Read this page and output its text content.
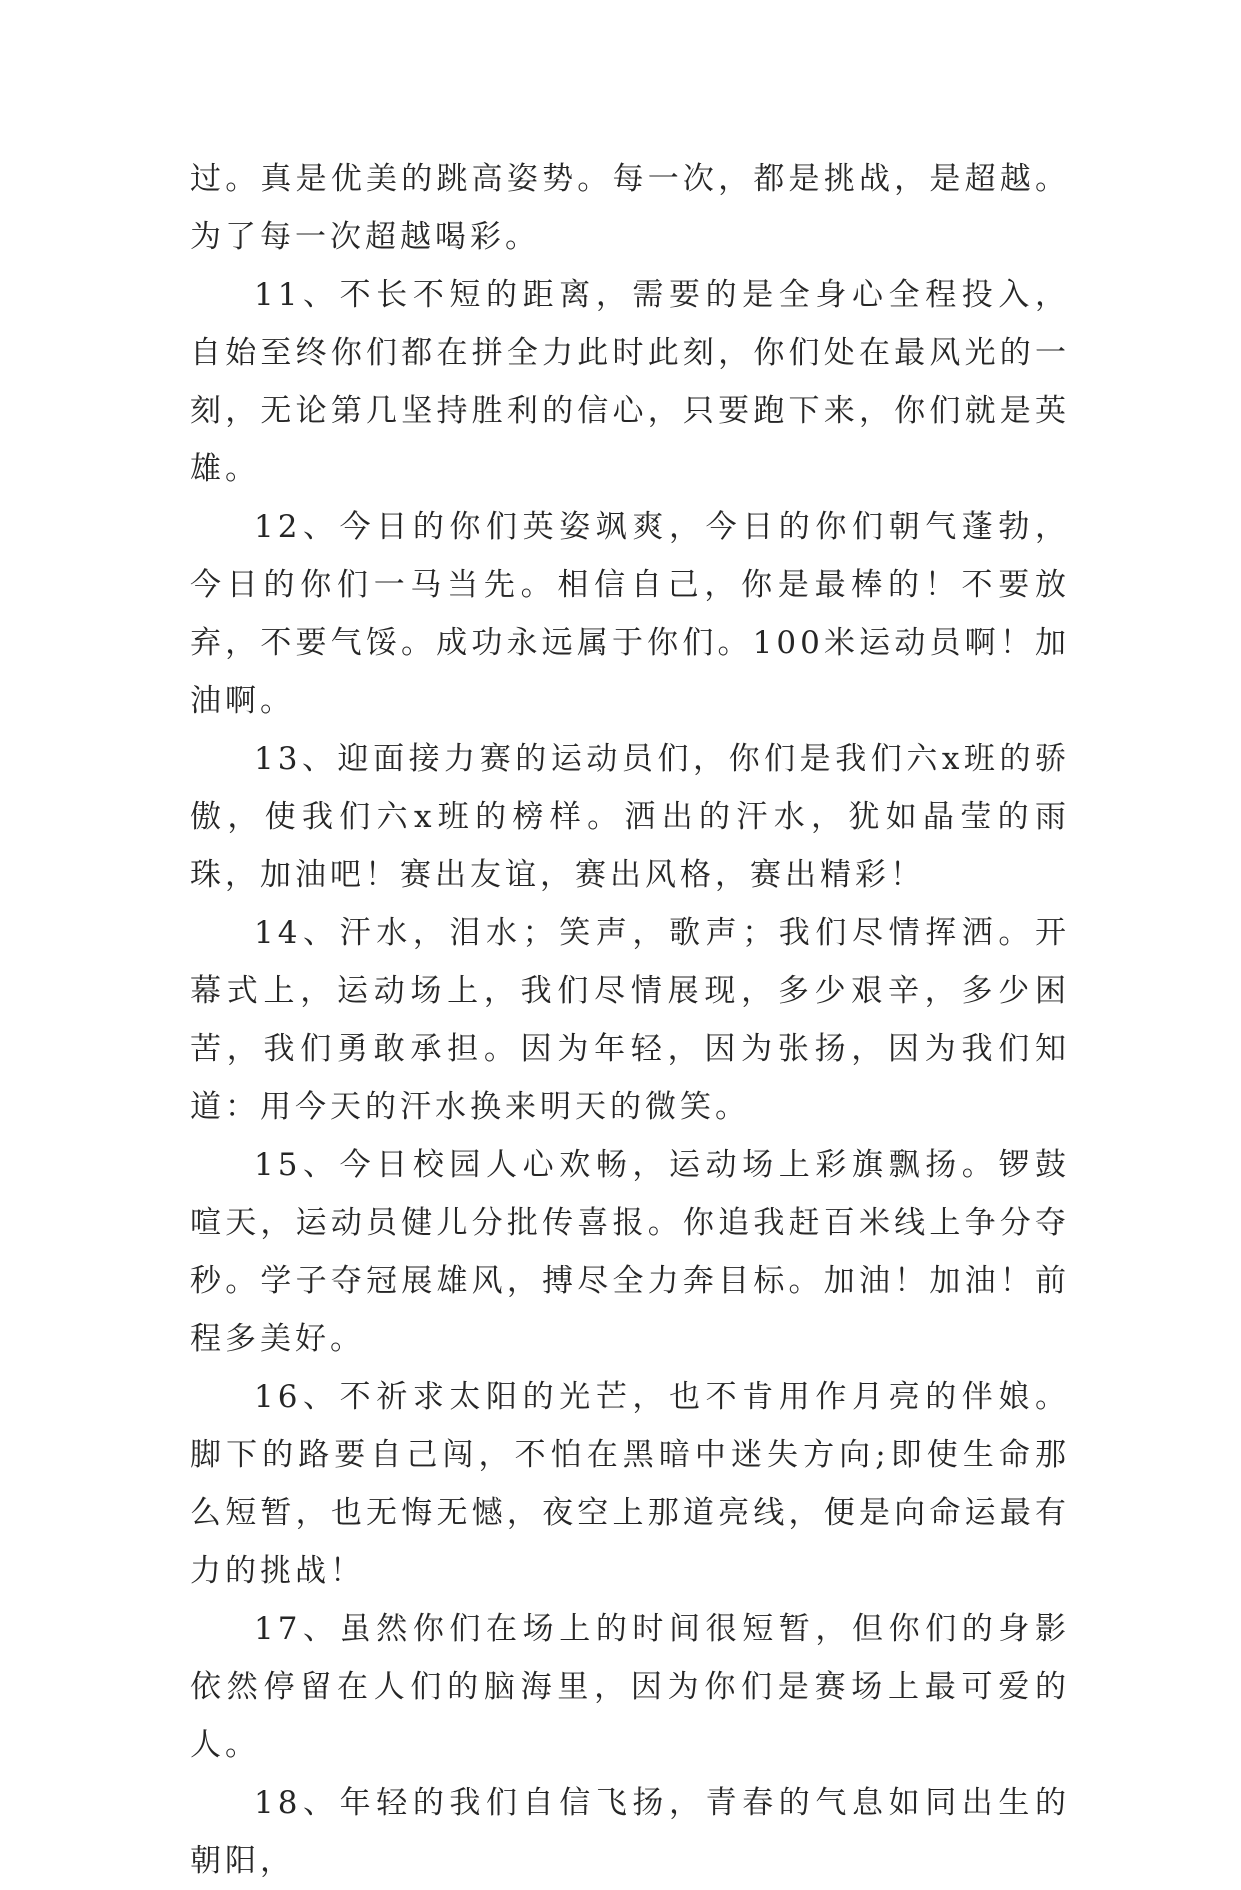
过。真是优美的跳高姿势。每一次，都是挑战，是超越。为了每一次超越喝彩。

11、不长不短的距离，需要的是全身心全程投入，自始至终你们都在拼全力此时此刻，你们处在最风光的一刻，无论第几坚持胜利的信心，只要跑下来，你们就是英雄。

12、今日的你们英姿飒爽，今日的你们朝气蓬勃，今日的你们一马当先。相信自己，你是最棒的！不要放弃，不要气馁。成功永远属于你们。100米运动员啊！加油啊。

13、迎面接力赛的运动员们，你们是我们六x班的骄傲，使我们六x班的榜样。洒出的汗水，犹如晶莹的雨珠，加油吧！赛出友谊，赛出风格，赛出精彩！

14、汗水，泪水；笑声，歌声；我们尽情挥洒。开幕式上，运动场上，我们尽情展现，多少艰辛，多少困苦，我们勇敢承担。因为年轻，因为张扬，因为我们知道：用今天的汗水换来明天的微笑。

15、今日校园人心欢畅，运动场上彩旗飘扬。锣鼓喧天，运动员健儿分批传喜报。你追我赶百米线上争分夺秒。学子夺冠展雄风，搏尽全力奔目标。加油！加油！前程多美好。

16、不祈求太阳的光芒，也不肯用作月亮的伴娘。脚下的路要自己闯，不怕在黑暗中迷失方向;即使生命那么短暂，也无悔无憾，夜空上那道亮线，便是向命运最有力的挑战！

17、虽然你们在场上的时间很短暂，但你们的身影依然停留在人们的脑海里，因为你们是赛场上最可爱的人。

18、年轻的我们自信飞扬，青春的气息如同出生的朝阳，
